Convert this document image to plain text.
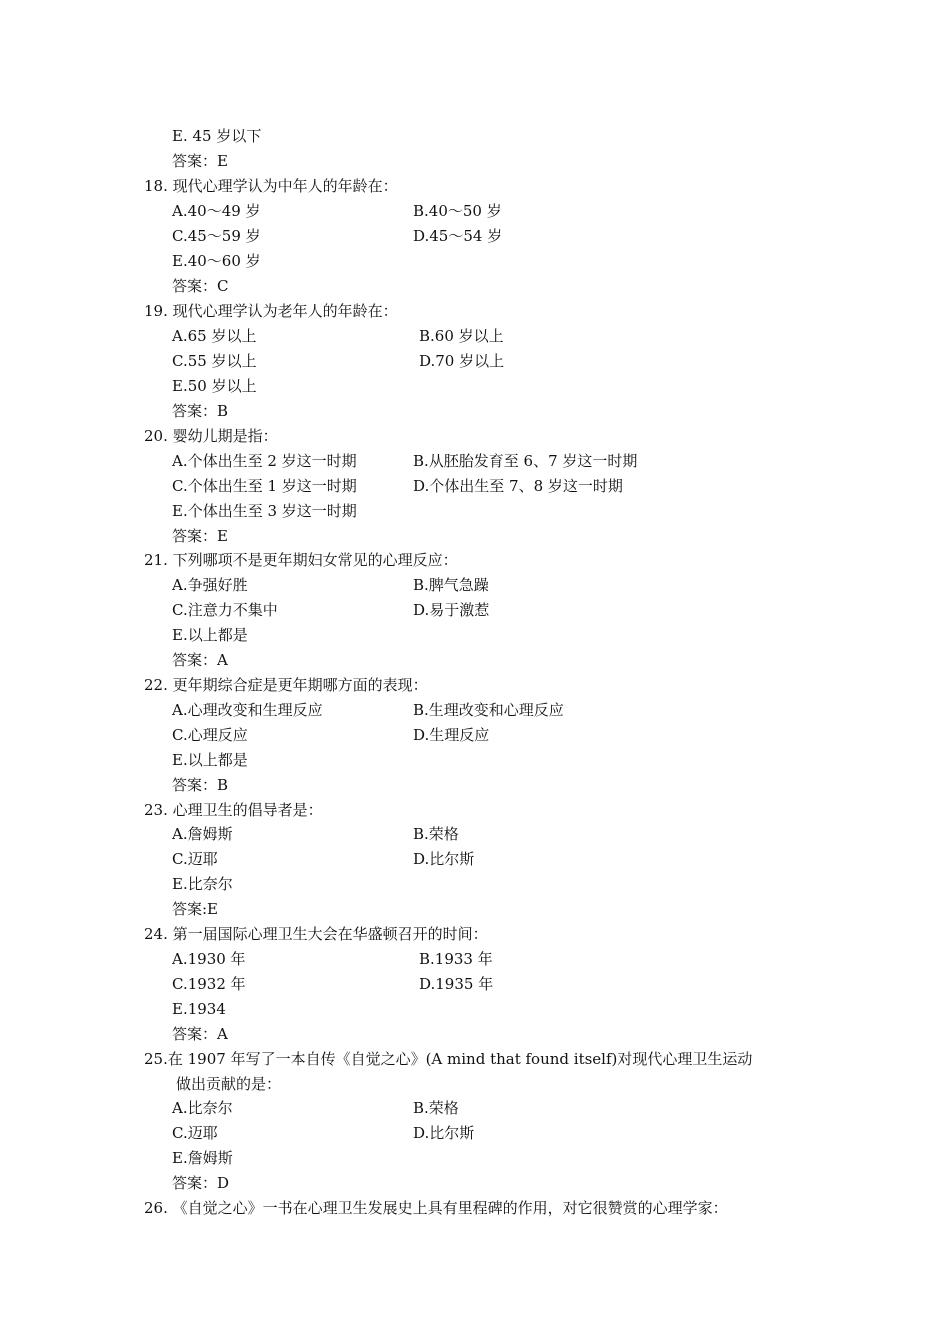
E. 45 岁以下
答案：E
18. 现代心理学认为中年人的年龄在：
A.40～49 岁	B.40～50 岁
C.45～59 岁	D.45～54 岁
E.40～60 岁
答案：C
19. 现代心理学认为老年人的年龄在：
A.65 岁以上	B.60 岁以上
C.55 岁以上	D.70 岁以上
E.50 岁以上
答案：B
20. 婴幼儿期是指：
A.个体出生至 2 岁这一时期	B.从胚胎发育至 6、7 岁这一时期
C.个体出生至 1 岁这一时期	D.个体出生至 7、8 岁这一时期
E.个体出生至 3 岁这一时期
答案：E
21. 下列哪项不是更年期妇女常见的心理反应：
A.争强好胜	B.脾气急躁
C.注意力不集中	D.易于激惹
E.以上都是
答案：A
22. 更年期综合症是更年期哪方面的表现：
A.心理改变和生理反应	B.生理改变和心理反应
C.心理反应	D.生理反应
E.以上都是
答案：B
23. 心理卫生的倡导者是：
A.詹姆斯	B.荣格
C.迈耶	D.比尔斯
E.比奈尔
答案:E
24. 第一届国际心理卫生大会在华盛顿召开的时间：
A.1930 年	B.1933 年
C.1932 年	D.1935 年
E.1934
答案：A
25.在 1907 年写了一本自传《自觉之心》(A mind that found itself)对现代心理卫生运动
做出贡献的是：
A.比奈尔	B.荣格
C.迈耶	D.比尔斯
E.詹姆斯
答案：D
26. 《自觉之心》一书在心理卫生发展史上具有里程碑的作用，对它很赞赏的心理学家：
